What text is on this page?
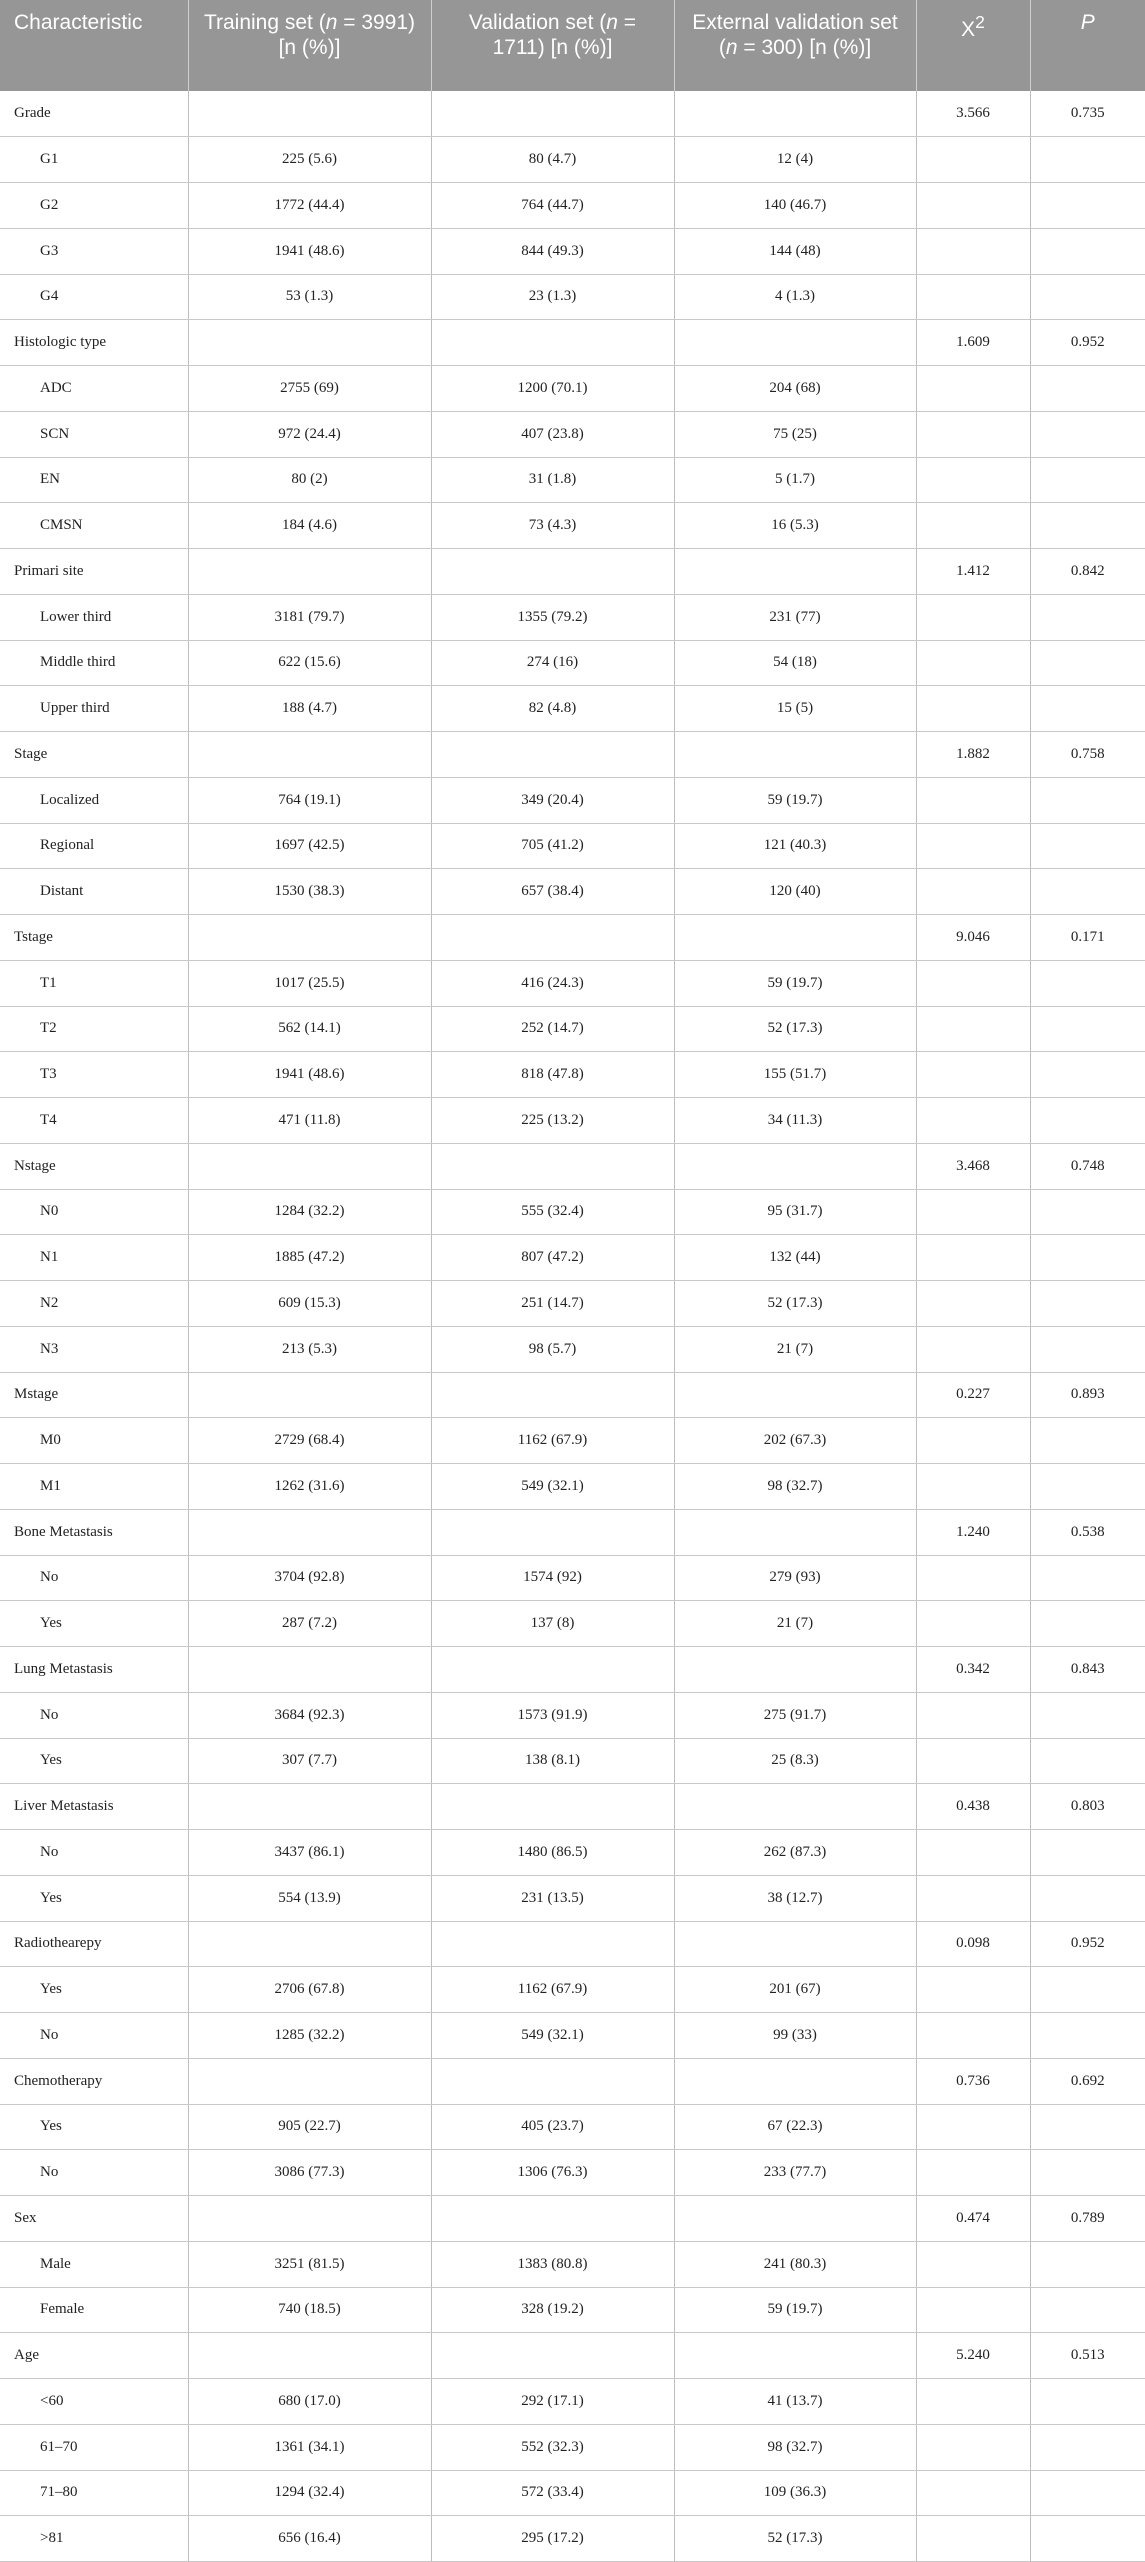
Characteristic	Training set (n = 3991) [n (%)]	Validation set (n = 1711) [n (%)]	External validation set (n = 300) [n (%)]	$X^2$	P
Grade				3.566	0.735
G1	225 (5.6)	80 (4.7)	12 (4)		
G2	1772 (44.4)	764 (44.7)	140 (46.7)		
G3	1941 (48.6)	844 (49.3)	144 (48)		
G4	53 (1.3)	23 (1.3)	4 (1.3)		
Histologic type				1.609	0.952
ADC	2755 (69)	1200 (70.1)	204 (68)		
SCN	972 (24.4)	407 (23.8)	75 (25)		
EN	80 (2)	31 (1.8)	5 (1.7)		
CMSN	184 (4.6)	73 (4.3)	16 (5.3)		
Primari site				1.412	0.842
Lower third	3181 (79.7)	1355 (79.2)	231 (77)		
Middle third	622 (15.6)	274 (16)	54 (18)		
Upper third	188 (4.7)	82 (4.8)	15 (5)		
Stage				1.882	0.758
Localized	764 (19.1)	349 (20.4)	59 (19.7)		
Regional	1697 (42.5)	705 (41.2)	121 (40.3)		
Distant	1530 (38.3)	657 (38.4)	120 (40)		
Tstage				9.046	0.171
T1	1017 (25.5)	416 (24.3)	59 (19.7)		
T2	562 (14.1)	252 (14.7)	52 (17.3)		
T3	1941 (48.6)	818 (47.8)	155 (51.7)		
T4	471 (11.8)	225 (13.2)	34 (11.3)		
Nstage				3.468	0.748
N0	1284 (32.2)	555 (32.4)	95 (31.7)		
N1	1885 (47.2)	807 (47.2)	132 (44)		
N2	609 (15.3)	251 (14.7)	52 (17.3)		
N3	213 (5.3)	98 (5.7)	21 (7)		
Mstage				0.227	0.893
M0	2729 (68.4)	1162 (67.9)	202 (67.3)		
M1	1262 (31.6)	549 (32.1)	98 (32.7)		
Bone Metastasis				1.240	0.538
No	3704 (92.8)	1574 (92)	279 (93)		
Yes	287 (7.2)	137 (8)	21 (7)		
Lung Metastasis				0.342	0.843
No	3684 (92.3)	1573 (91.9)	275 (91.7)		
Yes	307 (7.7)	138 (8.1)	25 (8.3)		
Liver Metastasis				0.438	0.803
No	3437 (86.1)	1480 (86.5)	262 (87.3)		
Yes	554 (13.9)	231 (13.5)	38 (12.7)		
Radiothearepy				0.098	0.952
Yes	2706 (67.8)	1162 (67.9)	201 (67)		
No	1285 (32.2)	549 (32.1)	99 (33)		
Chemotherapy				0.736	0.692
Yes	905 (22.7)	405 (23.7)	67 (22.3)		
No	3086 (77.3)	1306 (76.3)	233 (77.7)		
Sex				0.474	0.789
Male	3251 (81.5)	1383 (80.8)	241 (80.3)		
Female	740 (18.5)	328 (19.2)	59 (19.7)		
Age				5.240	0.513
<60	680 (17.0)	292 (17.1)	41 (13.7)		
61–70	1361 (34.1)	552 (32.3)	98 (32.7)		
71–80	1294 (32.4)	572 (33.4)	109 (36.3)		
>81	656 (16.4)	295 (17.2)	52 (17.3)		
